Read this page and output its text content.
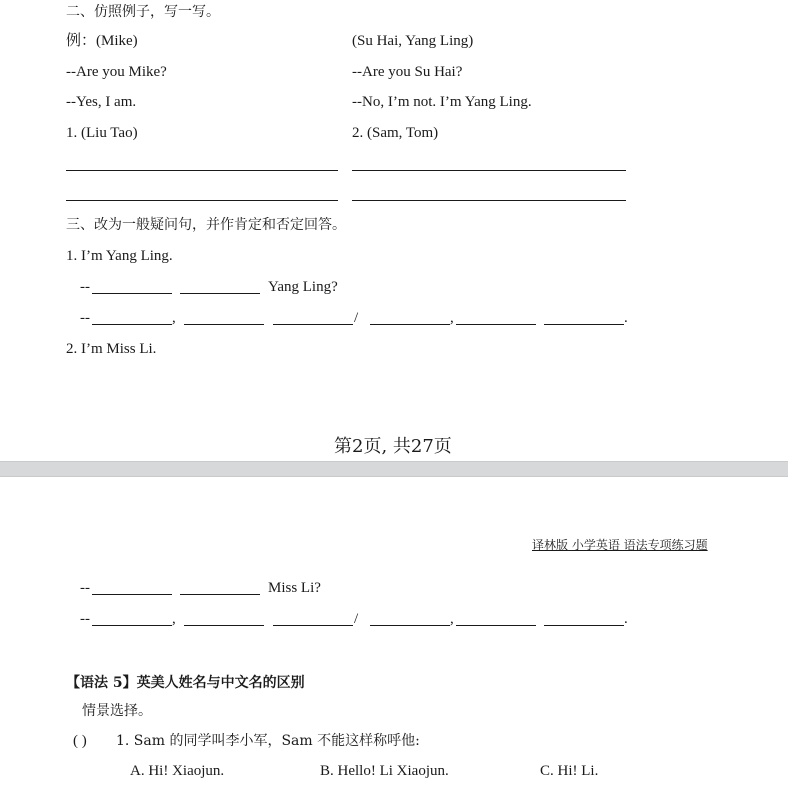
二、仿照例子，写一写。
例：(Mike)	(Su Hai, Yang Ling)
--Are you Mike?	--Are you Su Hai?
--Yes, I am.	--No, I’m not. I’m Yang Ling.
1. (Liu Tao)	2. (Sam, Tom)
三、改为一般疑问句，并作肯定和否定回答。
1. I’m Yang Ling.
--	Yang Ling?
--	,	/	,	.
2. I’m Miss Li.
第2页, 共27页
译林版 小学英语 语法专项练习题
--	Miss Li?
--	,	/	,	.
【语法 5】英美人姓名与中文名的区别
情景选择。
( ) 1. Sam 的同学叫李小军，Sam 不能这样称呼他:
A. Hi! Xiaojun.	B. Hello! Li Xiaojun.	C. Hi! Li.
